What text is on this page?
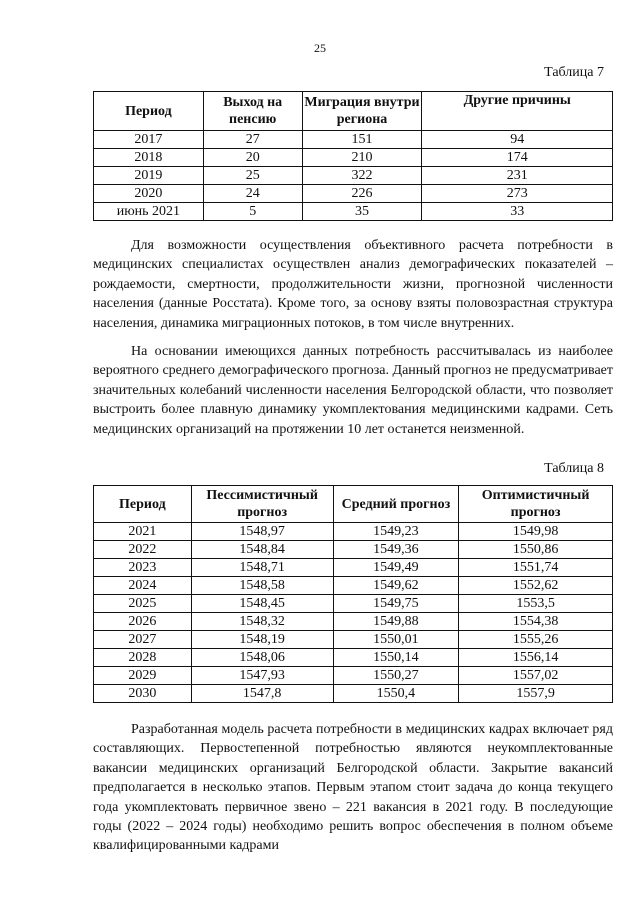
25
Таблица 7
Период	Выход на пенсию	Миграция внутри региона	Другие причины
2017	27	151	94
2018	20	210	174
2019	25	322	231
2020	24	226	273
июнь 2021	5	35	33

Для возможности осуществления объективного расчета потребности в медицинских специалистах осуществлен анализ демографических показателей – рождаемости, смертности, продолжительности жизни, прогнозной численности населения (данные Росстата). Кроме того, за основу взяты половозрастная структура населения, динамика миграционных потоков, в том числе внутренних.

На основании имеющихся данных потребность рассчитывалась из наиболее вероятного среднего демографического прогноза. Данный прогноз не предусматривает значительных колебаний численности населения Белгородской области, что позволяет выстроить более плавную динамику укомплектования медицинскими кадрами. Сеть медицинских организаций на протяжении 10 лет останется неизменной.

Таблица 8
Период	Пессимистичный прогноз	Средний прогноз	Оптимистичный прогноз
2021	1548,97	1549,23	1549,98
2022	1548,84	1549,36	1550,86
2023	1548,71	1549,49	1551,74
2024	1548,58	1549,62	1552,62
2025	1548,45	1549,75	1553,5
2026	1548,32	1549,88	1554,38
2027	1548,19	1550,01	1555,26
2028	1548,06	1550,14	1556,14
2029	1547,93	1550,27	1557,02
2030	1547,8	1550,4	1557,9

Разработанная модель расчета потребности в медицинских кадрах включает ряд составляющих. Первостепенной потребностью являются неукомплектованные вакансии медицинских организаций Белгородской области. Закрытие вакансий предполагается в несколько этапов. Первым этапом стоит задача до конца текущего года укомплектовать первичное звено – 221 вакансия в 2021 году. В последующие годы (2022 – 2024 годы) необходимо решить вопрос обеспечения в полном объеме квалифицированными кадрами
